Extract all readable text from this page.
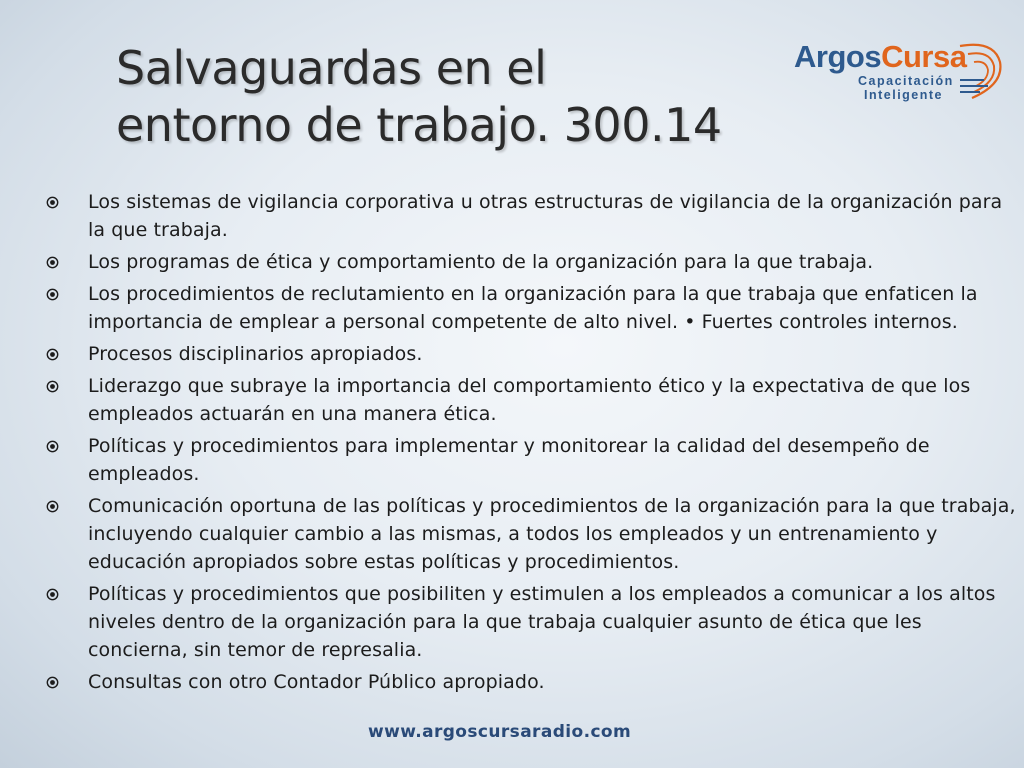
Salvaguardas en el
entorno de trabajo. 300.14
ArgosCursa
Capacitación
Inteligente
Los sistemas de vigilancia corporativa u otras estructuras de vigilancia de la organización para la que trabaja.
Los programas de ética y comportamiento de la organización para la que trabaja.
Los procedimientos de reclutamiento en la organización para la que trabaja que enfaticen la importancia de emplear a personal competente de alto nivel. • Fuertes controles internos.
Procesos disciplinarios apropiados.
Liderazgo que subraye la importancia del comportamiento ético y la expectativa de que los empleados actuarán en una manera ética.
Políticas y procedimientos para implementar y monitorear la calidad del desempeño de empleados.
Comunicación oportuna de las políticas y procedimientos de la organización para la que trabaja, incluyendo cualquier cambio a las mismas, a todos los empleados y un entrenamiento y educación apropiados sobre estas políticas y procedimientos.
Políticas y procedimientos que posibiliten y estimulen a los empleados a comunicar a los altos niveles dentro de la organización para la que trabaja cualquier asunto de ética que les concierna, sin temor de represalia.
Consultas con otro Contador Público apropiado.
www.argoscursaradio.com
